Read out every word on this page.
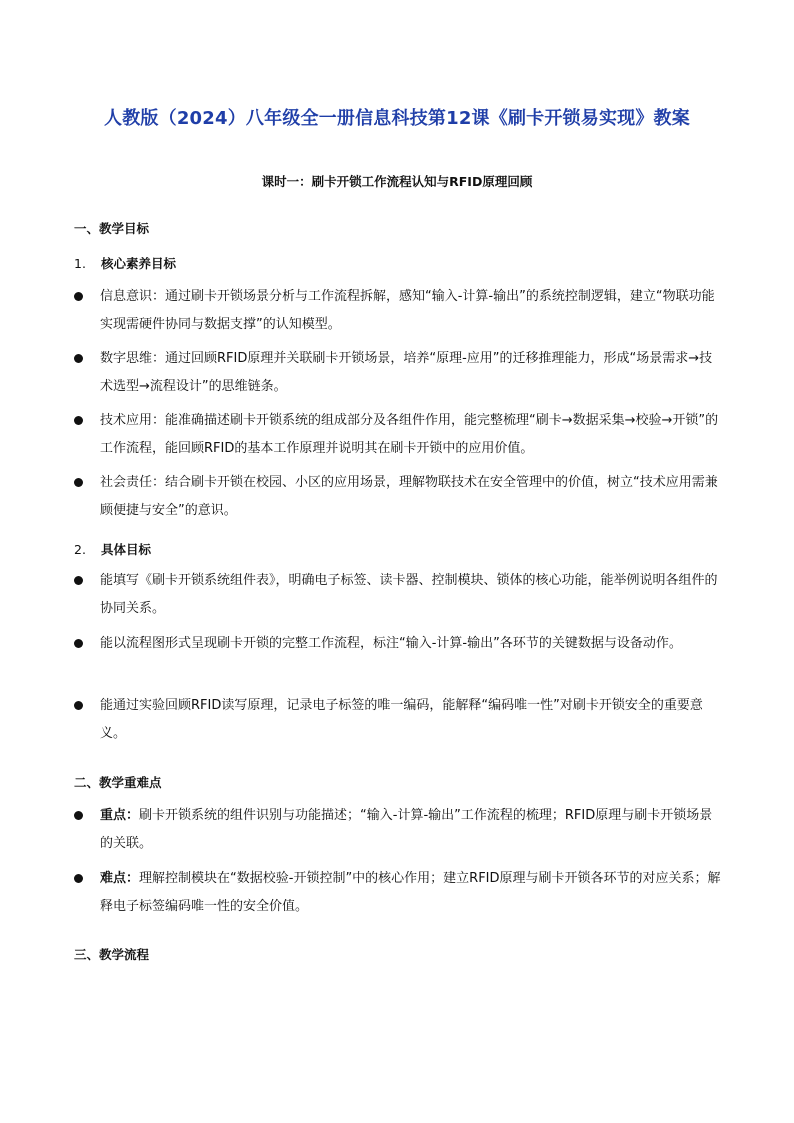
人教版（2024）八年级全一册信息科技第12课《刷卡开锁易实现》教案
课时一：刷卡开锁工作流程认知与RFID原理回顾
一、教学目标
1. 核心素养目标
信息意识：通过刷卡开锁场景分析与工作流程拆解，感知“输入-计算-输出”的系统控制逻辑，建立“物联功能实现需硬件协同与数据支撑”的认知模型。
数字思维：通过回顾RFID原理并关联刷卡开锁场景，培养“原理-应用”的迁移推理能力，形成“场景需求→技术选型→流程设计”的思维链条。
技术应用：能准确描述刷卡开锁系统的组成部分及各组件作用，能完整梳理“刷卡→数据采集→校验→开锁”的工作流程，能回顾RFID的基本工作原理并说明其在刷卡开锁中的应用价值。
社会责任：结合刷卡开锁在校园、小区的应用场景，理解物联技术在安全管理中的价值，树立“技术应用需兼顾便捷与安全”的意识。
2. 具体目标
能填写《刷卡开锁系统组件表》，明确电子标签、读卡器、控制模块、锁体的核心功能，能举例说明各组件的协同关系。
能以流程图形式呈现刷卡开锁的完整工作流程，标注“输入-计算-输出”各环节的关键数据与设备动作。
能通过实验回顾RFID读写原理，记录电子标签的唯一编码，能解释“编码唯一性”对刷卡开锁安全的重要意义。
二、教学重难点
重点：刷卡开锁系统的组件识别与功能描述；“输入-计算-输出”工作流程的梳理；RFID原理与刷卡开锁场景的关联。
难点：理解控制模块在“数据校验-开锁控制”中的核心作用；建立RFID原理与刷卡开锁各环节的对应关系；解释电子标签编码唯一性的安全价值。
三、教学流程
